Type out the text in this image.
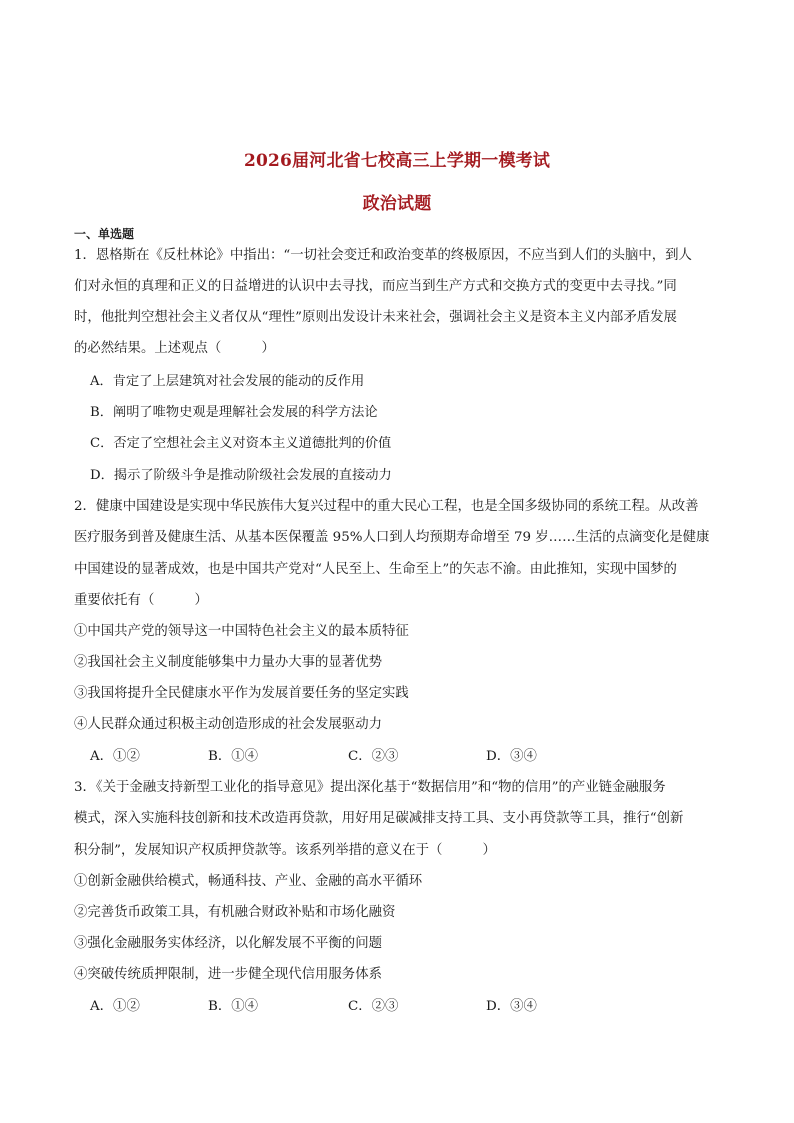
2026届河北省七校高三上学期一模考试
政治试题
一、单选题
1．恩格斯在《反杜林论》中指出：“一切社会变迁和政治变革的终极原因，不应当到人们的头脑中，到人
们对永恒的真理和正义的日益增进的认识中去寻找，而应当到生产方式和交换方式的变更中去寻找。”同
时，他批判空想社会主义者仅从“理性”原则出发设计未来社会，强调社会主义是资本主义内部矛盾发展
的必然结果。上述观点（　　　）
A．肯定了上层建筑对社会发展的能动的反作用
B．阐明了唯物史观是理解社会发展的科学方法论
C．否定了空想社会主义对资本主义道德批判的价值
D．揭示了阶级斗争是推动阶级社会发展的直接动力
2．健康中国建设是实现中华民族伟大复兴过程中的重大民心工程，也是全国多级协同的系统工程。从改善
医疗服务到普及健康生活、从基本医保覆盖 95%人口到人均预期寿命增至 79 岁……生活的点滴变化是健康
中国建设的显著成效，也是中国共产党对“人民至上、生命至上”的矢志不渝。由此推知，实现中国梦的
重要依托有（　　　）
①中国共产党的领导这一中国特色社会主义的最本质特征
②我国社会主义制度能够集中力量办大事的显著优势
③我国将提升全民健康水平作为发展首要任务的坚定实践
④人民群众通过积极主动创造形成的社会发展驱动力
A．①②	B．①④	C．②③	D．③④
3．《关于金融支持新型工业化的指导意见》提出深化基于“数据信用”和“物的信用”的产业链金融服务
模式，深入实施科技创新和技术改造再贷款，用好用足碳减排支持工具、支小再贷款等工具，推行“创新
积分制”，发展知识产权质押贷款等。该系列举措的意义在于（　　　）
①创新金融供给模式，畅通科技、产业、金融的高水平循环
②完善货币政策工具，有机融合财政补贴和市场化融资
③强化金融服务实体经济，以化解发展不平衡的问题
④突破传统质押限制，进一步健全现代信用服务体系
A．①②	B．①④	C．②③	D．③④
